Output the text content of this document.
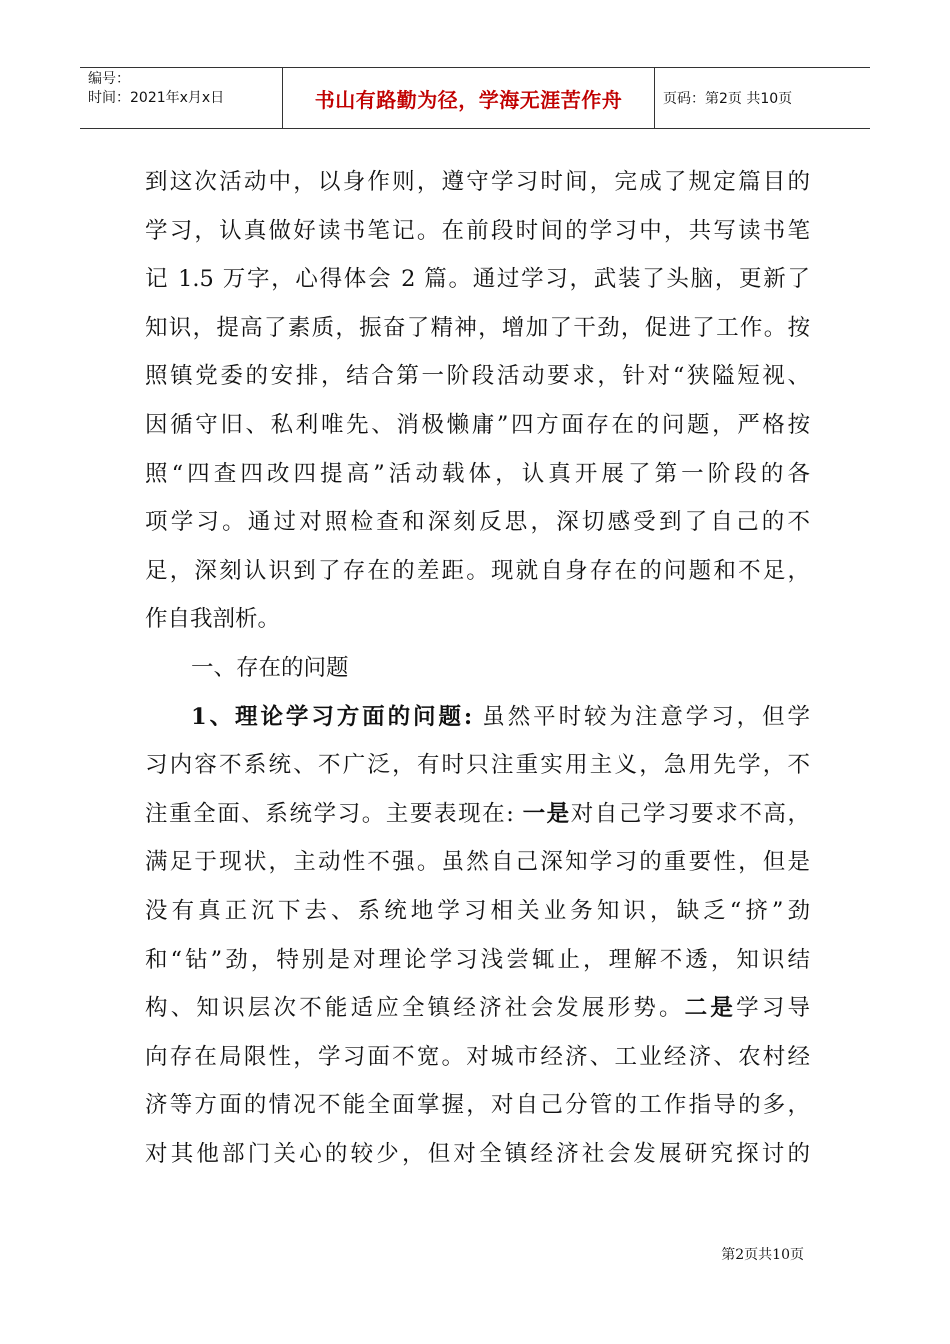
编号：
时间：2021年x月x日	书山有路勤为径，学海无涯苦作舟	页码：第2页 共10页
到这次活动中，以身作则，遵守学习时间，完成了规定篇目的
学习，认真做好读书笔记。在前段时间的学习中，共写读书笔
记 1.5 万字，心得体会 2 篇。通过学习，武装了头脑，更新了
知识，提高了素质，振奋了精神，增加了干劲，促进了工作。按
照镇党委的安排，结合第一阶段活动要求，针对“狭隘短视、
因循守旧、私利唯先、消极懒庸”四方面存在的问题，严格按
照“四查四改四提高”活动载体，认真开展了第一阶段的各
项学习。通过对照检查和深刻反思，深切感受到了自己的不
足，深刻认识到了存在的差距。现就自身存在的问题和不足，
作自我剖析。
一、存在的问题
1、理论学习方面的问题: 虽然平时较为注意学习，但学
习内容不系统、不广泛，有时只注重实用主义，急用先学，不
注重全面、系统学习。主要表现在: 一是对自己学习要求不高，
满足于现状，主动性不强。虽然自己深知学习的重要性，但是
没有真正沉下去、系统地学习相关业务知识，缺乏“挤”劲
和“钻”劲，特别是对理论学习浅尝辄止，理解不透，知识结
构、知识层次不能适应全镇经济社会发展形势。二是学习导
向存在局限性，学习面不宽。对城市经济、工业经济、农村经
济等方面的情况不能全面掌握，对自己分管的工作指导的多，
对其他部门关心的较少，但对全镇经济社会发展研究探讨的
第2页共10页
